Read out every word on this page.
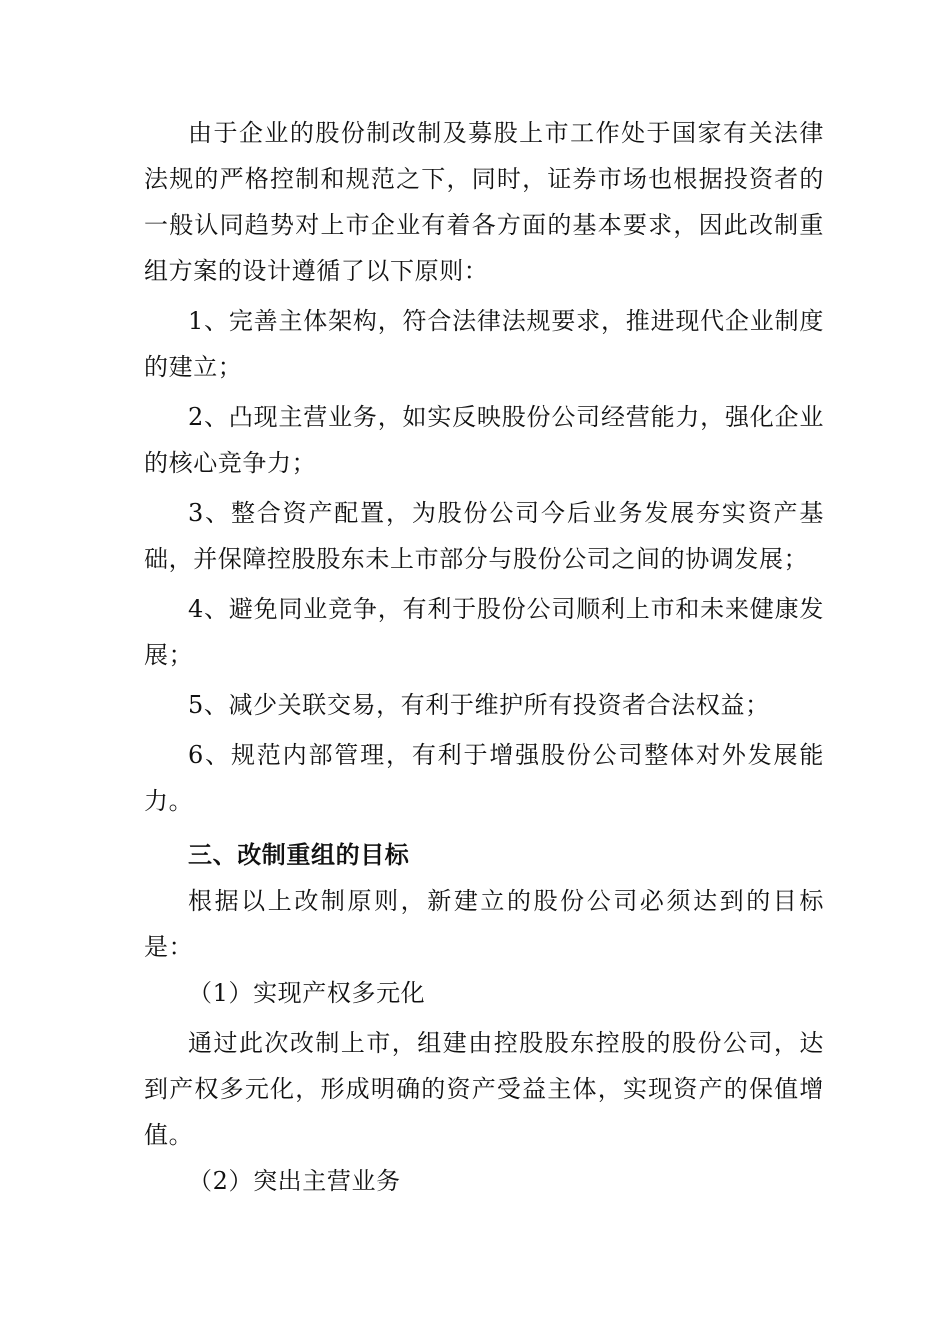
由于企业的股份制改制及募股上市工作处于国家有关法律法规的严格控制和规范之下，同时，证券市场也根据投资者的一般认同趋势对上市企业有着各方面的基本要求，因此改制重组方案的设计遵循了以下原则：

1、完善主体架构，符合法律法规要求，推进现代企业制度的建立；

2、凸现主营业务，如实反映股份公司经营能力，强化企业的核心竞争力；

3、整合资产配置，为股份公司今后业务发展夯实资产基础，并保障控股股东未上市部分与股份公司之间的协调发展；

4、避免同业竞争，有利于股份公司顺利上市和未来健康发展；

5、减少关联交易，有利于维护所有投资者合法权益；

6、规范内部管理，有利于增强股份公司整体对外发展能力。

三、改制重组的目标

根据以上改制原则，新建立的股份公司必须达到的目标是：

（1）实现产权多元化

通过此次改制上市，组建由控股股东控股的股份公司，达到产权多元化，形成明确的资产受益主体，实现资产的保值增值。

（2）突出主营业务
